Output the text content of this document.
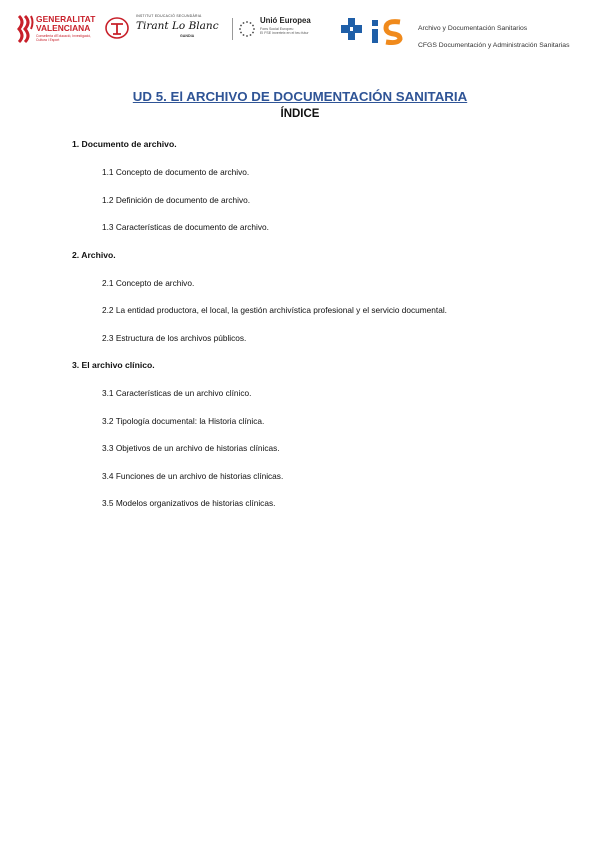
GENERALITAT
VALENCIANA
Conselleria d'Educació, Investigació, Cultura i Esport
INSTITUT EDUCACIÓ SECUNDÀRIA
Tirant Lo Blanc
GANDIA
Unió Europea
Fons Social Europeu
El FSE inverteix en el teu futur
Archivo y Documentación Sanitarios
CFGS Documentación y Administración Sanitarias
UD 5. El ARCHIVO DE DOCUMENTACIÓN SANITARIA
ÍNDICE
1. Documento de archivo.
1.1 Concepto de documento de archivo.
1.2 Definición de documento de archivo.
1.3 Características de documento de archivo.
2. Archivo.
2.1 Concepto de archivo.
2.2 La entidad productora, el local, la gestión archivística profesional y el servicio documental.
2.3 Estructura de los archivos públicos.
3. El archivo clínico.
3.1 Características de un archivo clínico.
3.2 Tipología documental: la Historia clínica.
3.3 Objetivos de un archivo de historias clínicas.
3.4 Funciones de un archivo de historias clínicas.
3.5 Modelos organizativos de historias clínicas.
